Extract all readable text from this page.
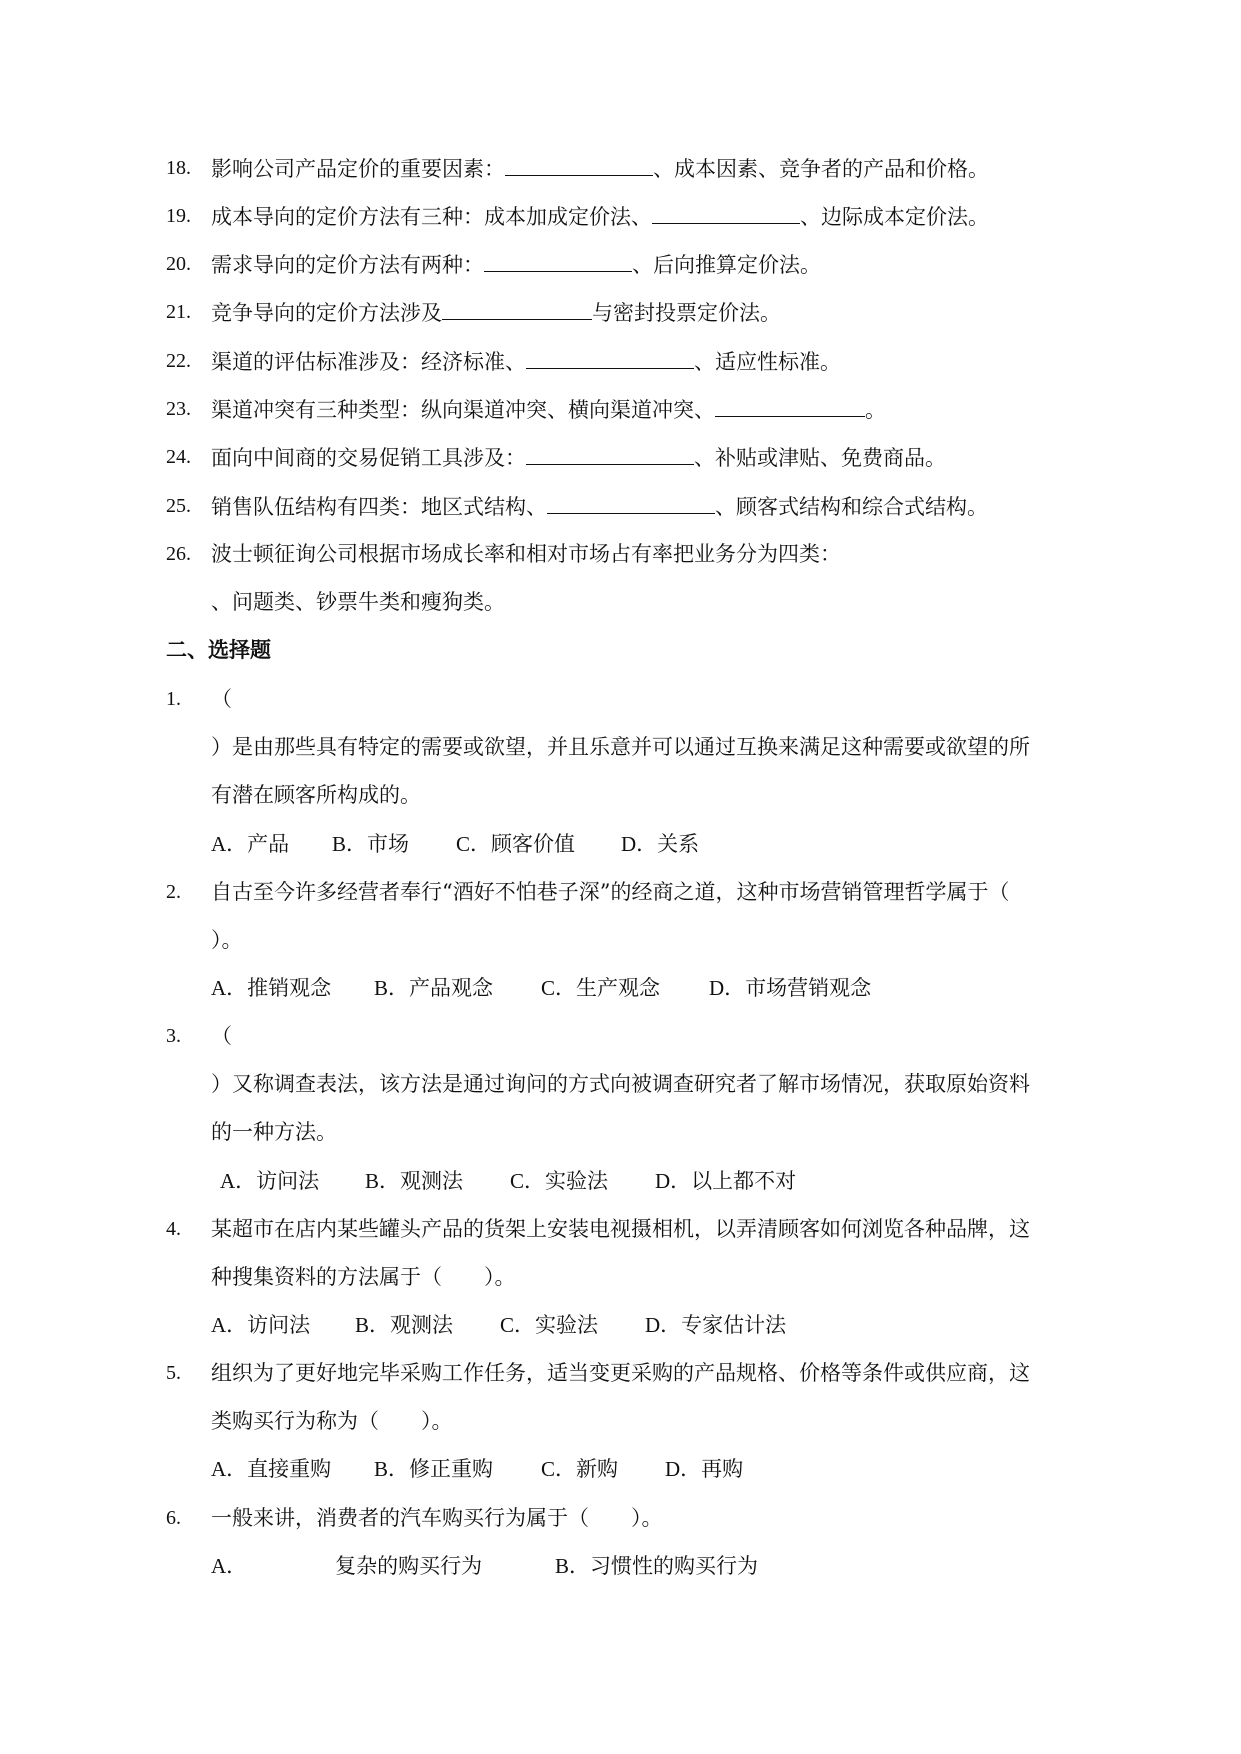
18. 影响公司产品定价的重要因素：	、成本因素、竞争者的产品和价格。
19. 成本导向的定价方法有三种：成本加成定价法、	、边际成本定价法。
20. 需求导向的定价方法有两种：	、后向推算定价法。
21. 竞争导向的定价方法涉及	与密封投票定价法。
22. 渠道的评估标准涉及：经济标准、	、适应性标准。
23. 渠道冲突有三种类型：纵向渠道冲突、横向渠道冲突、	。
24. 面向中间商的交易促销工具涉及：	、补贴或津贴、免费商品。
25. 销售队伍结构有四类：地区式结构、	、顾客式结构和综合式结构。
26. 波士顿征询公司根据市场成长率和相对市场占有率把业务分为四类：
、问题类、钞票牛类和瘦狗类。
二、选择题
1. （
）是由那些具有特定的需要或欲望，并且乐意并可以通过互换来满足这种需要或欲望的所
有潜在顾客所构成的。
A．产品 B．市场 C．顾客价值 D．关系
2. 自古至今许多经营者奉行“酒好不怕巷子深”的经商之道，这种市场营销管理哲学属于（
）。
A．推销观念 B．产品观念 C．生产观念 D．市场营销观念
3. （
）又称调查表法，该方法是通过询问的方式向被调查研究者了解市场情况，获取原始资料
的一种方法。
A．访问法 B．观测法 C．实验法 D．以上都不对
4. 某超市在店内某些罐头产品的货架上安装电视摄相机，以弄清顾客如何浏览各种品牌，这
种搜集资料的方法属于（　　）。
A．访问法 B．观测法 C．实验法 D．专家估计法
5. 组织为了更好地完毕采购工作任务，适当变更采购的产品规格、价格等条件或供应商，这
类购买行为称为（　　）。
A．直接重购 B．修正重购 C．新购 D．再购
6. 一般来讲，消费者的汽车购买行为属于（　　）。
A．	复杂的购买行为	B．习惯性的购买行为
